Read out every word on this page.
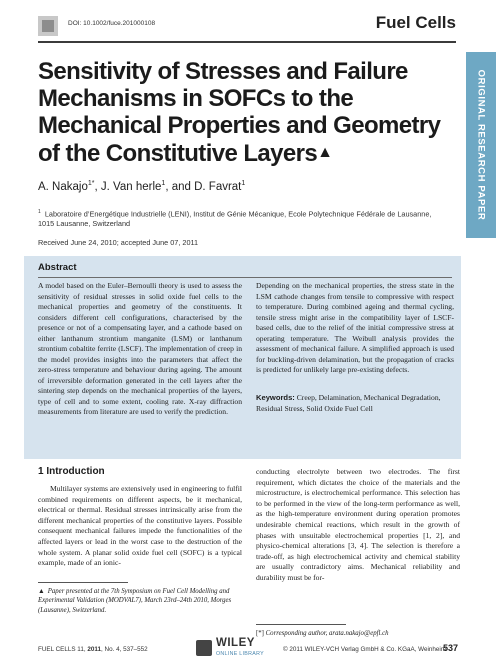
DOI: 10.1002/fuce.201000108	Fuel Cells
ORIGINAL RESEARCH PAPER
Sensitivity of Stresses and Failure Mechanisms in SOFCs to the Mechanical Properties and Geometry of the Constitutive Layers▲
A. Nakajo$^{1*}$, J. Van herle$^1$, and D. Favrat$^1$
$^1$ Laboratoire d’Energétique Industrielle (LENI), Institut de Génie Mécanique, Ecole Polytechnique Fédérale de Lausanne, 1015 Lausanne, Switzerland
Received June 24, 2010; accepted June 07, 2011
Abstract
A model based on the Euler–Bernoulli theory is used to assess the sensitivity of residual stresses in solid oxide fuel cells to the mechanical properties and geometry of the constituents. It considers different cell configurations, characterised by the presence or not of a compensating layer, and a cathode based on either lanthanum strontium manganite (LSM) or lanthanum strontium cobaltite ferrite (LSCF). The implementation of creep in the model provides insights into the parameters that affect the zero-stress temperature and behaviour during ageing. The amount of irreversible deformation generated in the cell layers after the sintering step depends on the mechanical properties of the layers, type of cell and to some extent, cooling rate. X-ray diffraction measurements from literature are used to verify the prediction.
Depending on the mechanical properties, the stress state in the LSM cathode changes from tensile to compressive with respect to temperature. During combined ageing and thermal cycling, tensile stress might arise in the compatibility layer of LSCF-based cells, due to the relief of the initial compressive stress at operating temperature. The Weibull analysis provides the assessment of mechanical failure. A simplified approach is used for buckling-driven delamination, but the propagation of cracks is predicted for unlikely large pre-existing defects.
Keywords: Creep, Delamination, Mechanical Degradation, Residual Stress, Solid Oxide Fuel Cell
1 Introduction
Multilayer systems are extensively used in engineering to fulfil combined requirements on different aspects, be it mechanical, electrical or thermal. Residual stresses intrinsically arise from the different mechanical properties of the constitutive layers. Possible consequent mechanical failures impede the functionalities of the affected layers or lead in the worst case to the destruction of the whole system. A planar solid oxide fuel cell (SOFC) is a typical example, made of an ionic-
conducting electrolyte between two electrodes. The first requirement, which dictates the choice of the materials and the microstructure, is electrochemical performance. This selection has to be performed in the view of the long-term performance as well, as the high-temperature environment during operation promotes undesirable chemical reactions, which result in the growth of phases with unsuitable electrochemical properties [1, 2], and physico-chemical alterations [3, 4]. The selection is therefore a trade-off, as high electrochemical activity and chemical stability are usually contradictory aims. Mechanical reliability and durability must be for-
▲ Paper presented at the 7th Symposium on Fuel Cell Modelling and Experimental Validation (MODVAL7), March 23rd–24th 2010, Morges (Lausanne), Switzerland.
[*] Corresponding author, arata.nakajo@epfl.ch
FUEL CELLS 11, 2011, No. 4, 537–552
WILEY
ONLINE LIBRARY
© 2011 WILEY-VCH Verlag GmbH & Co. KGaA, Weinheim
537
